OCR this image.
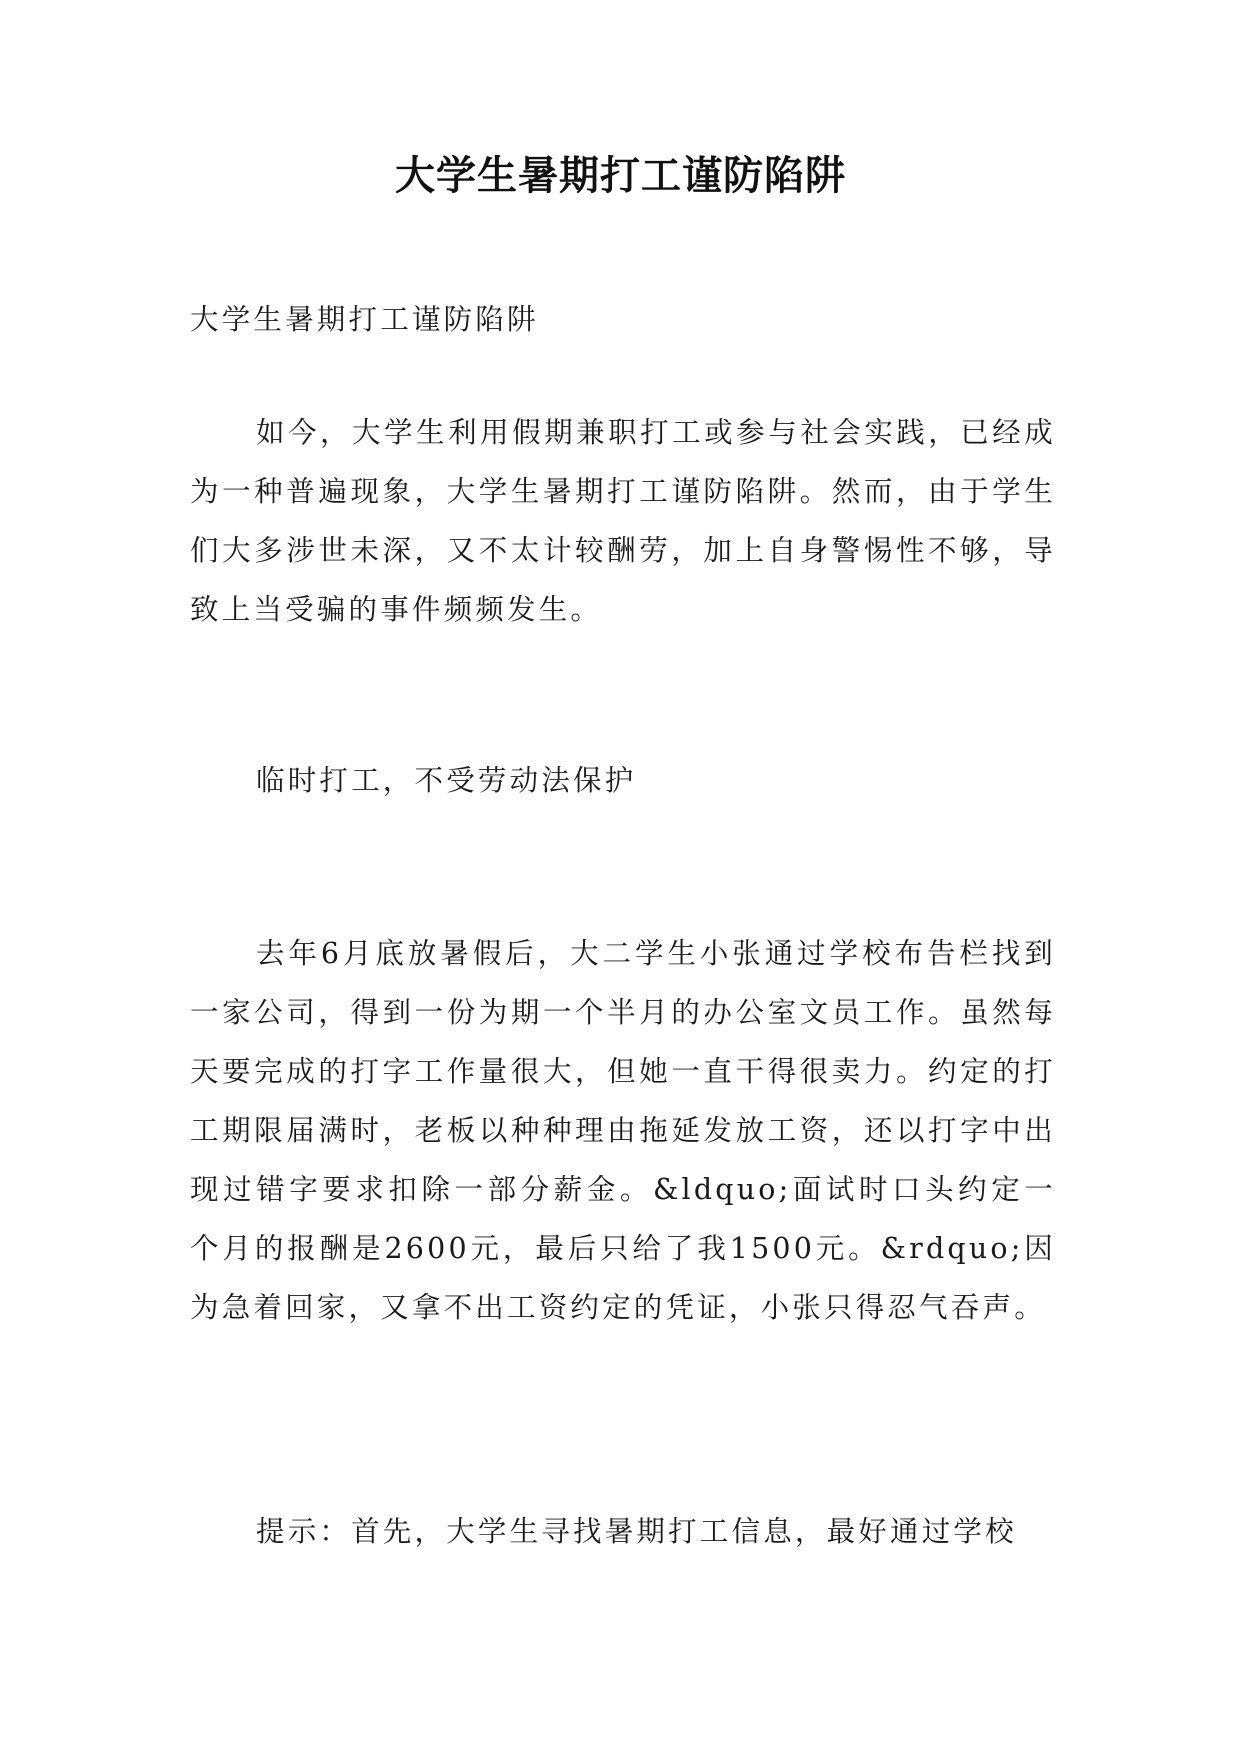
大学生暑期打工谨防陷阱

大学生暑期打工谨防陷阱

如今，大学生利用假期兼职打工或参与社会实践，已经成为一种普遍现象，大学生暑期打工谨防陷阱。然而，由于学生们大多涉世未深，又不太计较酬劳，加上自身警惕性不够，导致上当受骗的事件频频发生。

临时打工，不受劳动法保护

去年6月底放暑假后，大二学生小张通过学校布告栏找到一家公司，得到一份为期一个半月的办公室文员工作。虽然每天要完成的打字工作量很大，但她一直干得很卖力。约定的打工期限届满时，老板以种种理由拖延发放工资，还以打字中出现过错字要求扣除一部分薪金。&ldquo;面试时口头约定一个月的报酬是2600元，最后只给了我1500元。&rdquo;因为急着回家，又拿不出工资约定的凭证，小张只得忍气吞声。

提示：首先，大学生寻找暑期打工信息，最好通过学校
